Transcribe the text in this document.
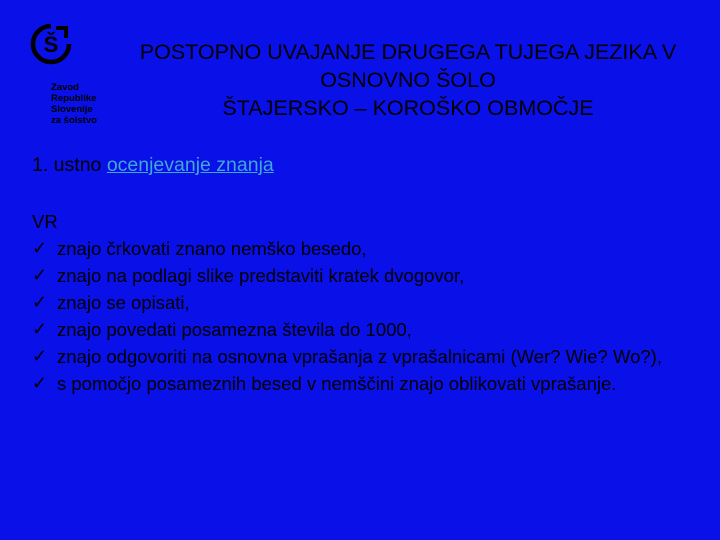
Š
Zavod
Republike
Slovenije
za šolstvo
POSTOPNO UVAJANJE DRUGEGA TUJEGA JEZIKA V
OSNOVNO ŠOLO
ŠTAJERSKO – KOROŠKO OBMOČJE
1. ustno ocenjevanje znanja
VR
✓ znajo črkovati znano nemško besedo,
✓ znajo na podlagi slike predstaviti kratek dvogovor,
✓ znajo se opisati,
✓ znajo povedati posamezna števila do 1000,
✓ znajo odgovoriti na osnovna vprašanja z vprašalnicami (Wer? Wie? Wo?),
✓ s pomočjo posameznih besed v nemščini znajo oblikovati vprašanje.
